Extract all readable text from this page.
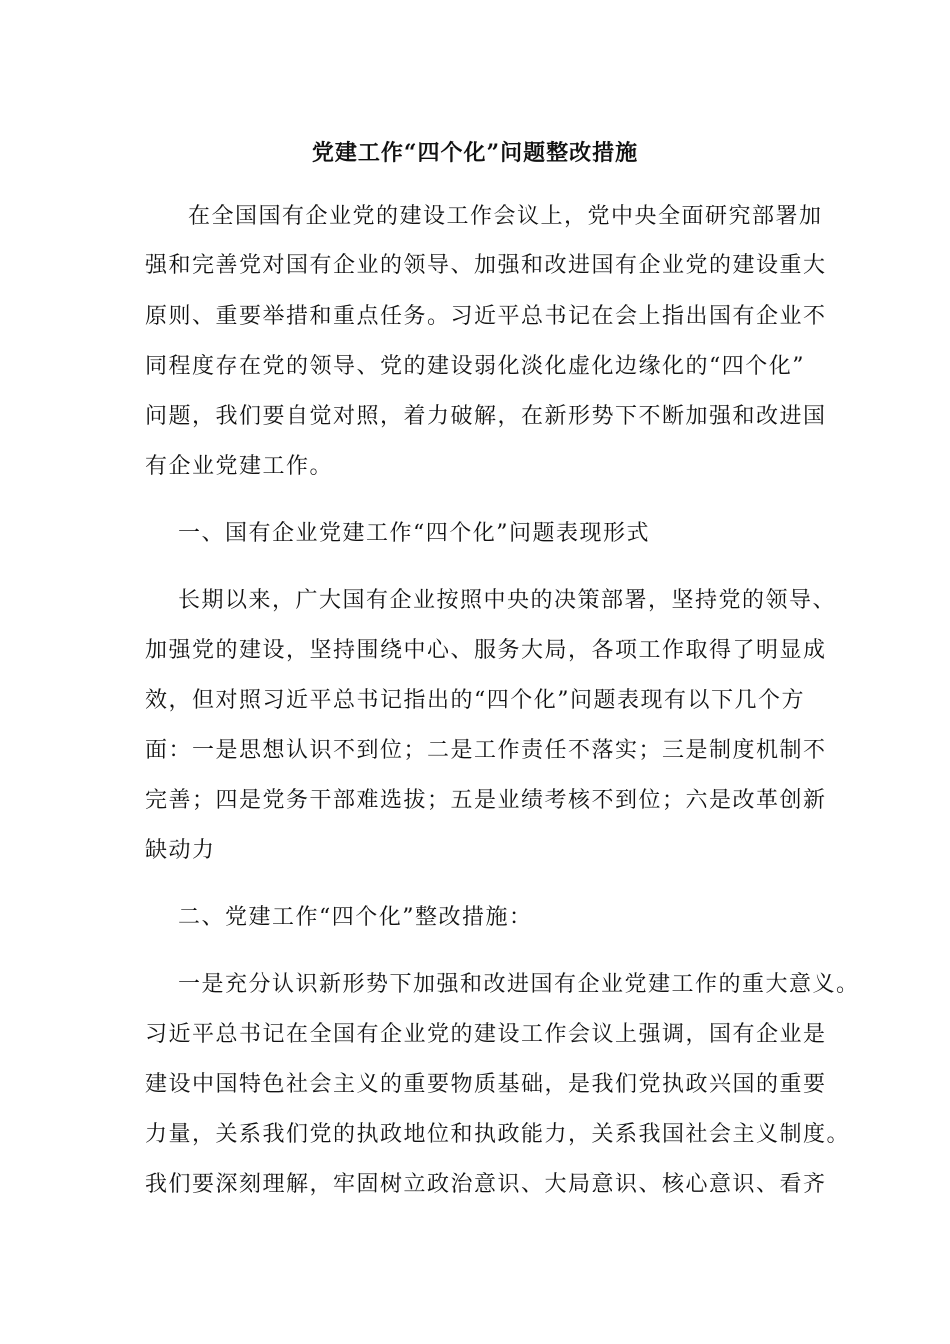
党建工作“四个化”问题整改措施
在全国国有企业党的建设工作会议上，党中央全面研究部署加
强和完善党对国有企业的领导、加强和改进国有企业党的建设重大
原则、重要举措和重点任务。习近平总书记在会上指出国有企业不
同程度存在党的领导、党的建设弱化淡化虚化边缘化的“四个化”
问题，我们要自觉对照，着力破解，在新形势下不断加强和改进国
有企业党建工作。
一、国有企业党建工作“四个化”问题表现形式
长期以来，广大国有企业按照中央的决策部署，坚持党的领导、
加强党的建设，坚持围绕中心、服务大局，各项工作取得了明显成
效，但对照习近平总书记指出的“四个化”问题表现有以下几个方
面：一是思想认识不到位；二是工作责任不落实；三是制度机制不
完善；四是党务干部难选拔；五是业绩考核不到位；六是改革创新
缺动力
二、党建工作“四个化”整改措施：
一是充分认识新形势下加强和改进国有企业党建工作的重大意义。
习近平总书记在全国有企业党的建设工作会议上强调，国有企业是
建设中国特色社会主义的重要物质基础，是我们党执政兴国的重要
力量，关系我们党的执政地位和执政能力，关系我国社会主义制度。
我们要深刻理解，牢固树立政治意识、大局意识、核心意识、看齐
